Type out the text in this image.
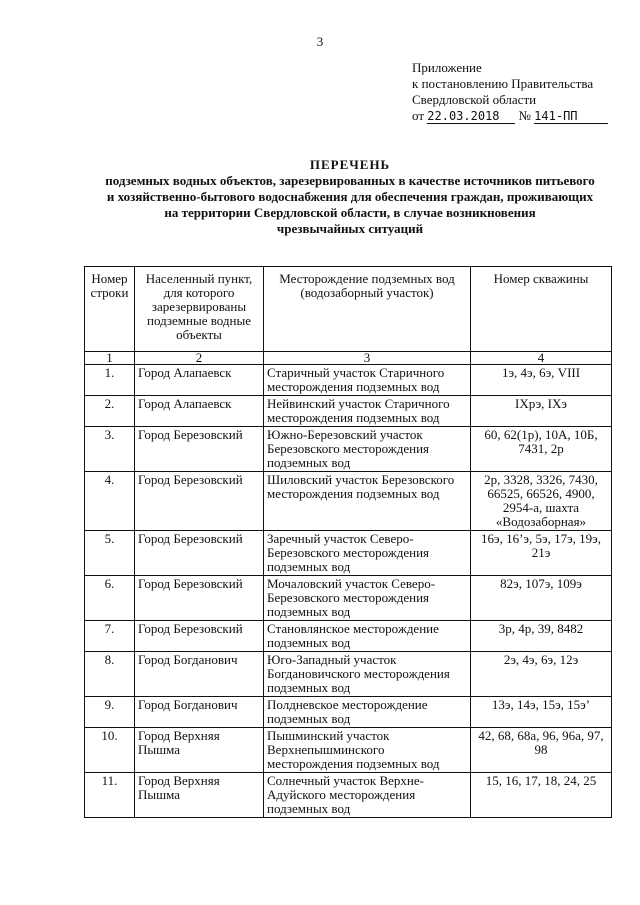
3
Приложение
к постановлению Правительства
Свердловской области
от 22.03.2018 № 141-ПП
ПЕРЕЧЕНЬ
подземных водных объектов, зарезервированных в качестве источников питьевого
и хозяйственно-бытового водоснабжения для обеспечения граждан, проживающих
на территории Свердловской области, в случае возникновения
чрезвычайных ситуаций
Номер строки	Населенный пункт, для которого зарезервированы подземные водные объекты	Месторождение подземных вод (водозаборный участок)	Номер скважины
1	2	3	4
1.	Город Алапаевск	Старичный участок Старичного месторождения подземных вод	1э, 4э, 6э, VIII
2.	Город Алапаевск	Нейвинский участок Старичного месторождения подземных вод	IXрэ, IXэ
3.	Город Березовский	Южно-Березовский участок Березовского месторождения подземных вод	60, 62(1р), 10А, 10Б, 7431, 2р
4.	Город Березовский	Шиловский участок Березовского месторождения подземных вод	2р, 3328, 3326, 7430, 66525, 66526, 4900, 2954-а, шахта «Водозаборная»
5.	Город Березовский	Заречный участок Северо-Березовского месторождения подземных вод	16э, 16’э, 5э, 17э, 19э, 21э
6.	Город Березовский	Мочаловский участок Северо-Березовского месторождения подземных вод	82э, 107э, 109э
7.	Город Березовский	Становлянское месторождение подземных вод	3р, 4р, 39, 8482
8.	Город Богданович	Юго-Западный участок Богдановичского месторождения подземных вод	2э, 4э, 6э, 12э
9.	Город Богданович	Полдневское месторождение подземных вод	13э, 14э, 15э, 15э’
10.	Город Верхняя Пышма	Пышминский участок Верхнепышминского месторождения подземных вод	42, 68, 68а, 96, 96а, 97, 98
11.	Город Верхняя Пышма	Солнечный участок Верхне-Адуйского месторождения подземных вод	15, 16, 17, 18, 24, 25
